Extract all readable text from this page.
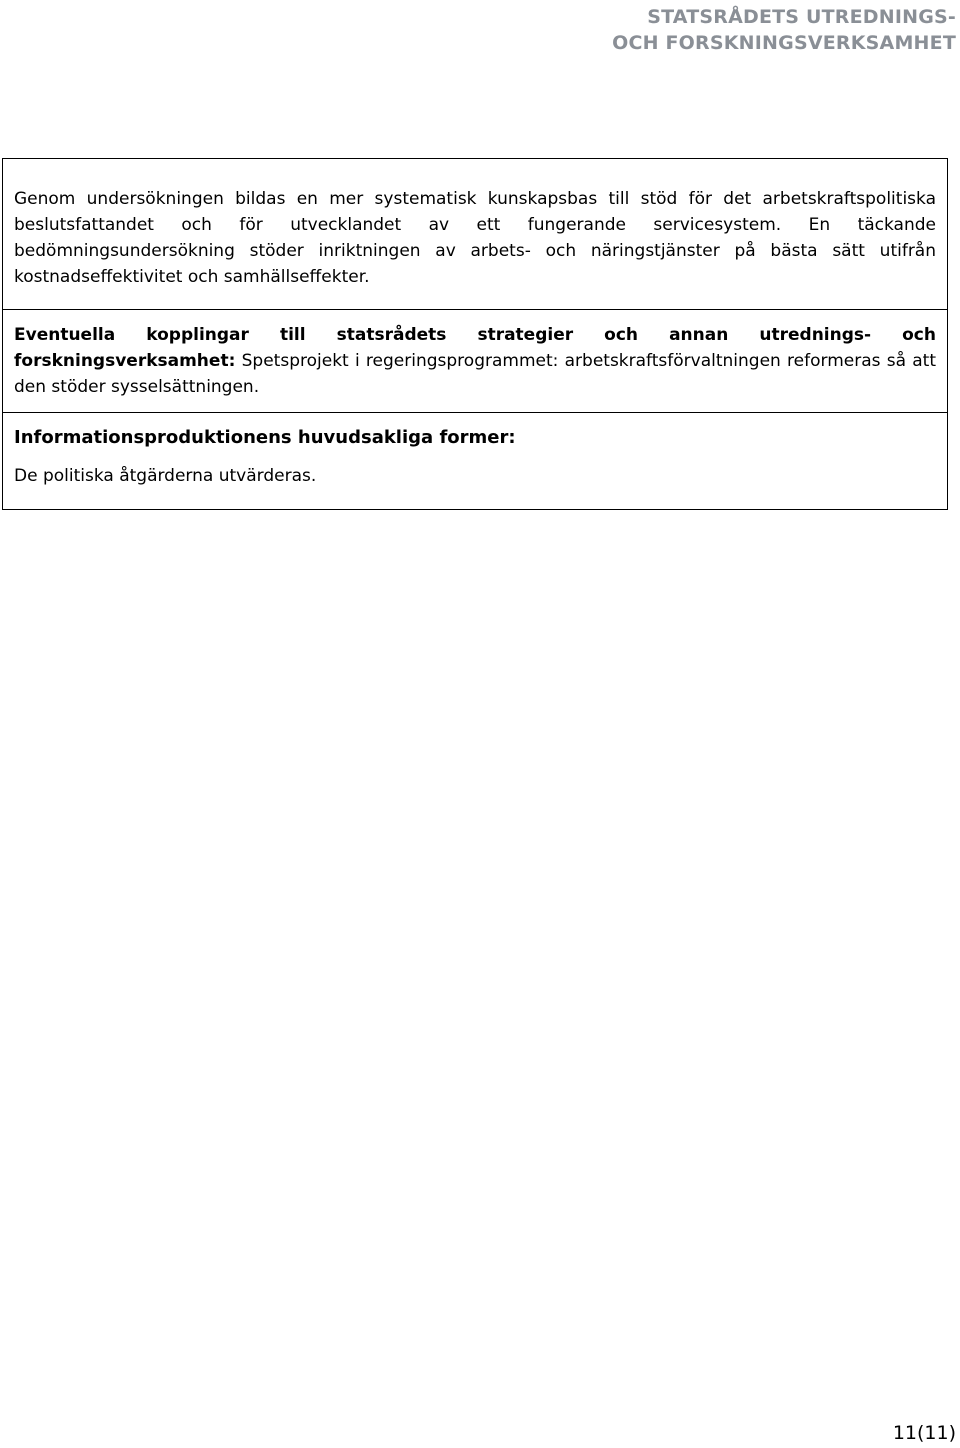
STATSRÅDETS UTREDNINGS-
OCH FORSKNINGSVERKSAMHET
Genom undersökningen bildas en mer systematisk kunskapsbas till stöd för det arbetskraftspolitiska beslutsfattandet och för utvecklandet av ett fungerande servicesystem. En täckande bedömningsundersökning stöder inriktningen av arbets- och näringstjänster på bästa sätt utifrån kostnadseffektivitet och samhällseffekter.
Eventuella kopplingar till statsrådets strategier och annan utrednings- och forskningsverksamhet: Spetsprojekt i regeringsprogrammet: arbetskraftsförvaltningen reformeras så att den stöder sysselsättningen.
Informationsproduktionens huvudsakliga former:
De politiska åtgärderna utvärderas.
11(11)
